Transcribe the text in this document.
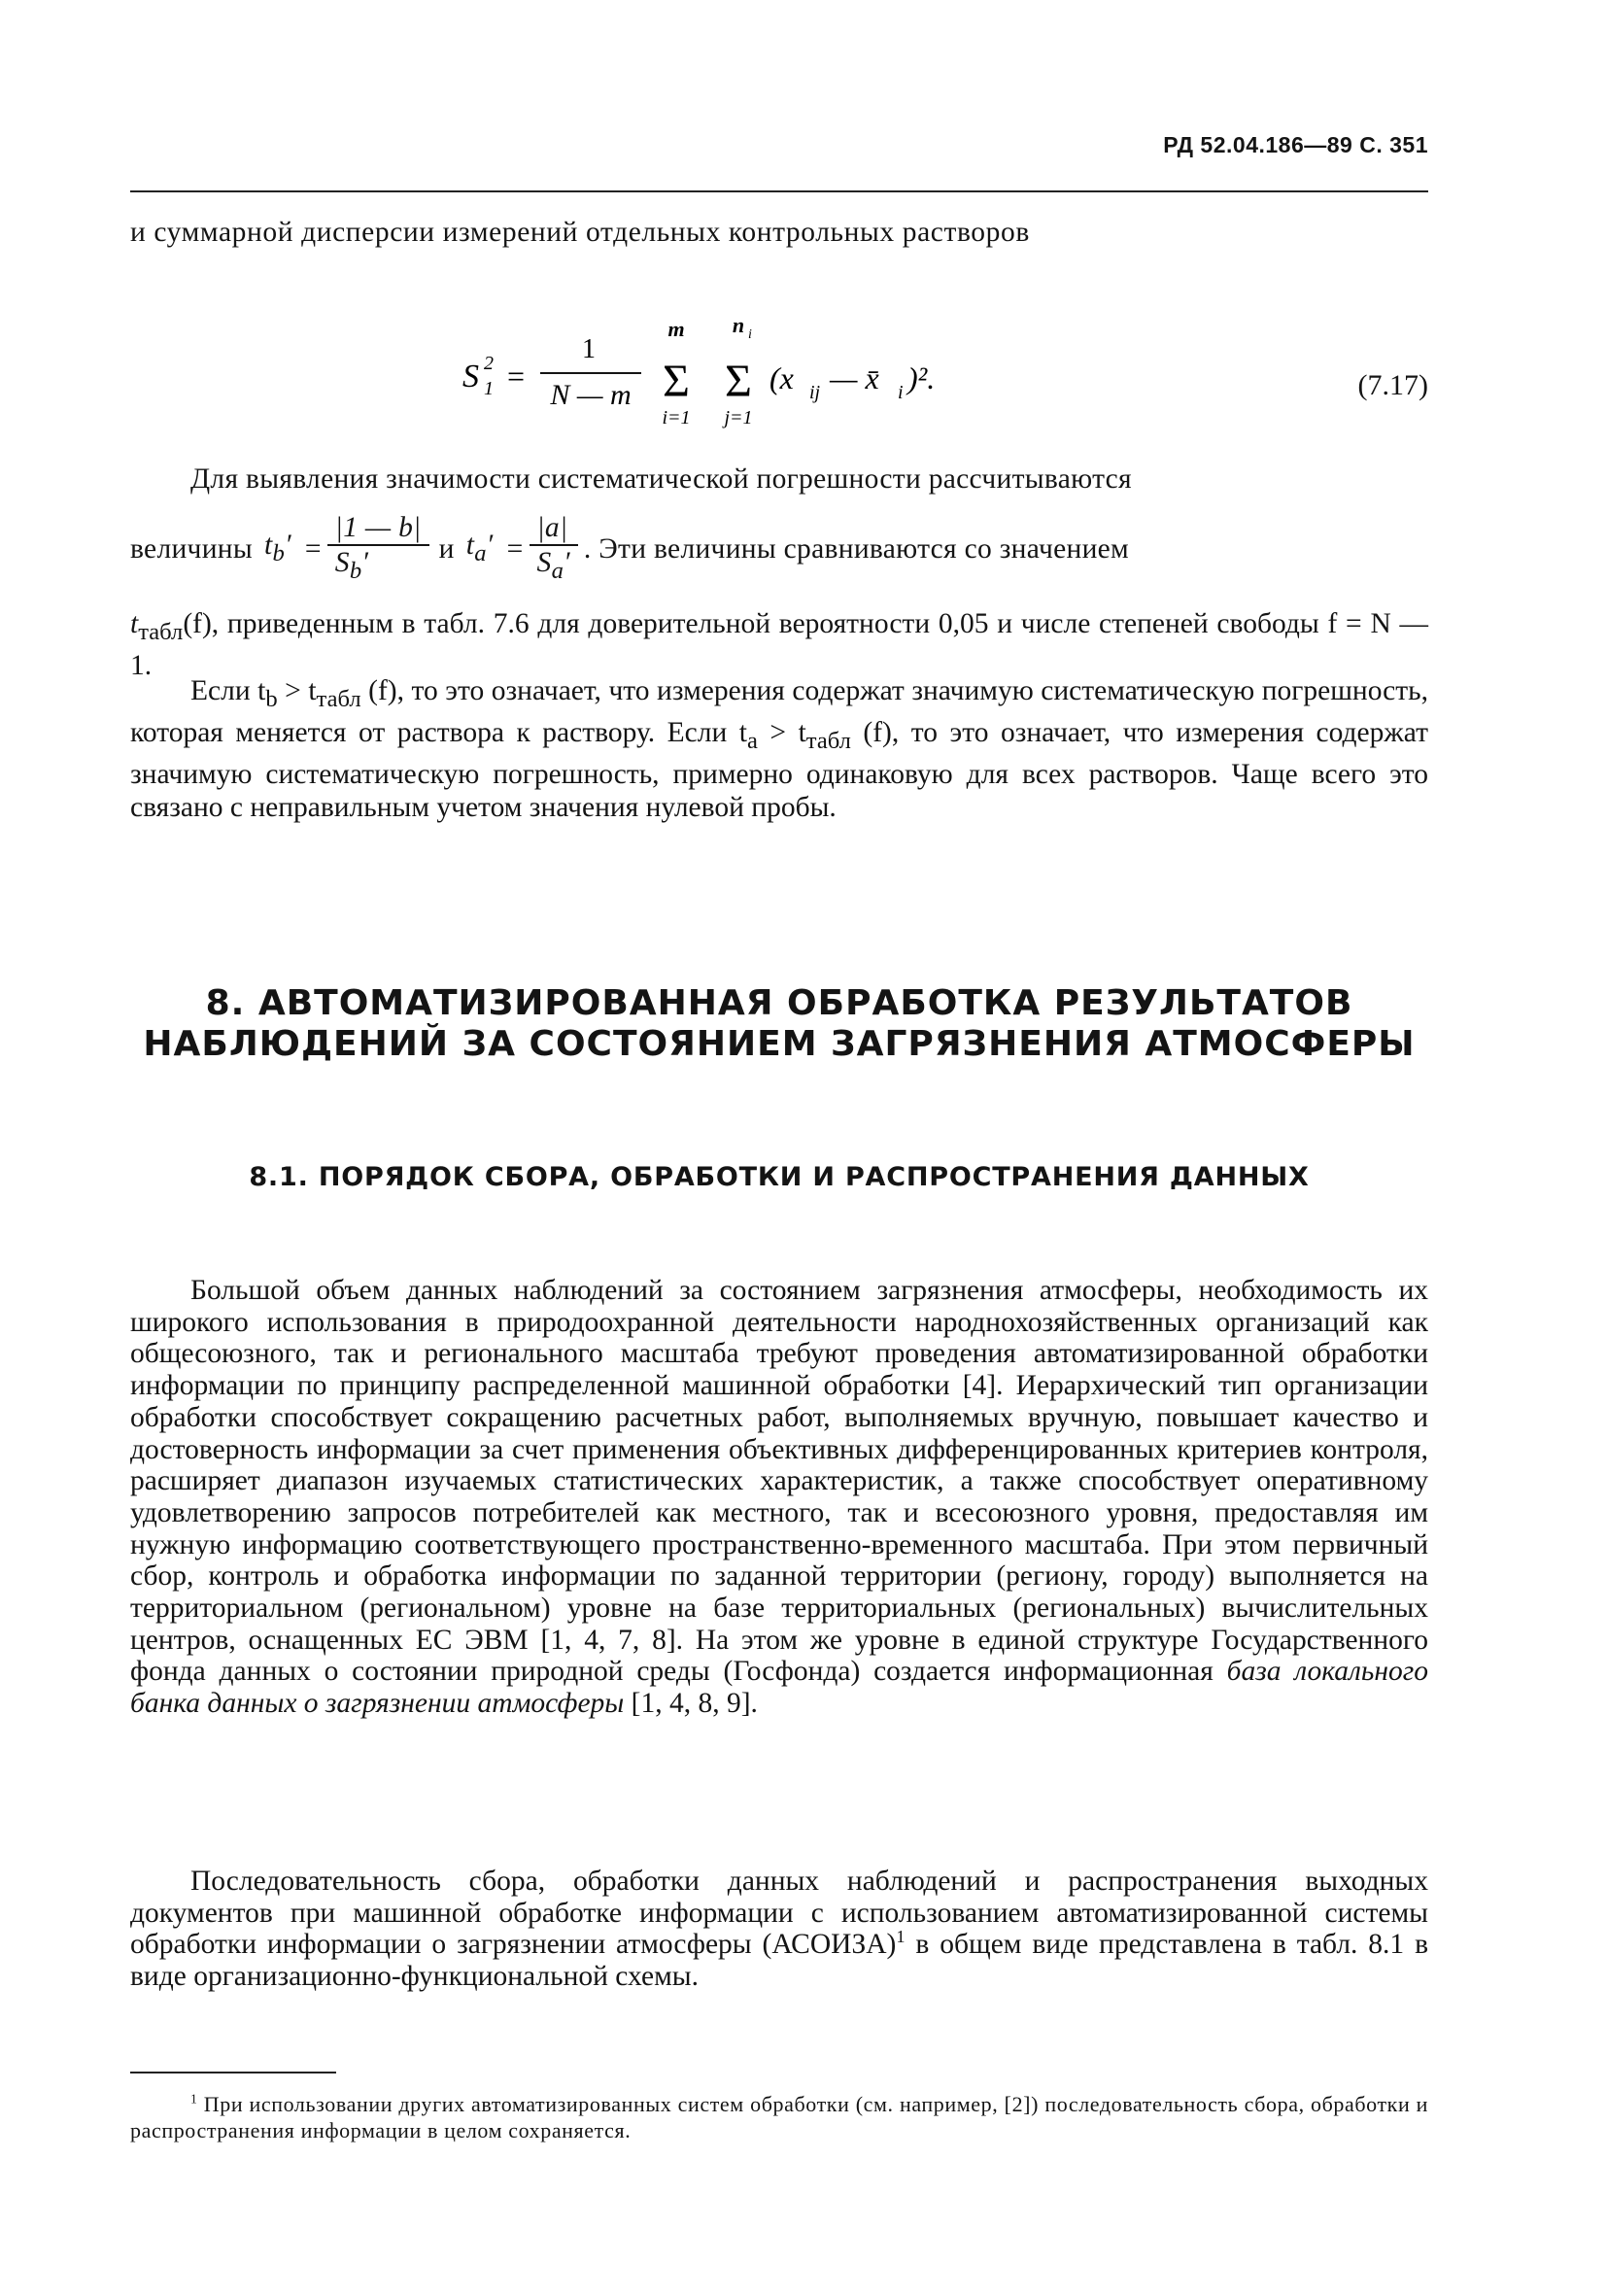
РД 52.04.186—89 С. 351
и суммарной дисперсии измерений отдельных контрольных растворов
S 2
1 =
1
N — m
m
Σ
i=1
n i
Σ
j=1
(x ij — x̄ i )².	(7.17)
Для выявления значимости систематической погрешности рассчитываются
величины $t_b' = \frac{|1 — b|}{S_b'}$ и $t_a' = \frac{|a|}{S_a'}$ . Эти величины сравниваются со значением
$t_{табл}(f)$, приведенным в табл. 7.6 для доверительной вероятности 0,05 и числе степеней свободы f = N — 1.
Если $t_b > t_{табл}$ (f), то это означает, что измерения содержат значимую систематическую погрешность, которая меняется от раствора к раствору. Если $t_a > t_{табл}$ (f), то это означает, что измерения содержат значимую систематическую погрешность, примерно одинаковую для всех растворов. Чаще всего это связано с неправильным учетом значения нулевой пробы.
8. АВТОМАТИЗИРОВАННАЯ ОБРАБОТКА РЕЗУЛЬТАТОВ
НАБЛЮДЕНИЙ ЗА СОСТОЯНИЕМ ЗАГРЯЗНЕНИЯ АТМОСФЕРЫ
8.1. ПОРЯДОК СБОРА, ОБРАБОТКИ И РАСПРОСТРАНЕНИЯ ДАННЫХ
Большой объем данных наблюдений за состоянием загрязнения атмосферы, необходимость их широкого использования в природоохранной деятельности народнохозяйственных организаций как общесоюзного, так и регионального масштаба требуют проведения автоматизированной обработки информации по принципу распределенной машинной обработки [4]. Иерархический тип организации обработки способствует сокращению расчетных работ, выполняемых вручную, повышает качество и достоверность информации за счет применения объективных дифференцированных критериев контроля, расширяет диапазон изучаемых статистических характеристик, а также способствует оперативному удовлетворению запросов потребителей как местного, так и всесоюзного уровня, предоставляя им нужную информацию соответствующего пространственно-временного масштаба. При этом первичный сбор, контроль и обработка информации по заданной территории (региону, городу) выполняется на территориальном (региональном) уровне на базе территориальных (региональных) вычислительных центров, оснащенных ЕС ЭВМ [1, 4, 7, 8]. На этом же уровне в единой структуре Государственного фонда данных о состоянии природной среды (Госфонда) создается информационная база локального банка данных о загрязнении атмосферы [1, 4, 8, 9].
Последовательность сбора, обработки данных наблюдений и распространения выходных документов при машинной обработке информации с использованием автоматизированной системы обработки информации о загрязнении атмосферы (АСОИЗА)$^1$ в общем виде представлена в табл. 8.1 в виде организационно-функциональной схемы.
$^1$ При использовании других автоматизированных систем обработки (см. например, [2]) последовательность сбора, обработки и распространения информации в целом сохраняется.
